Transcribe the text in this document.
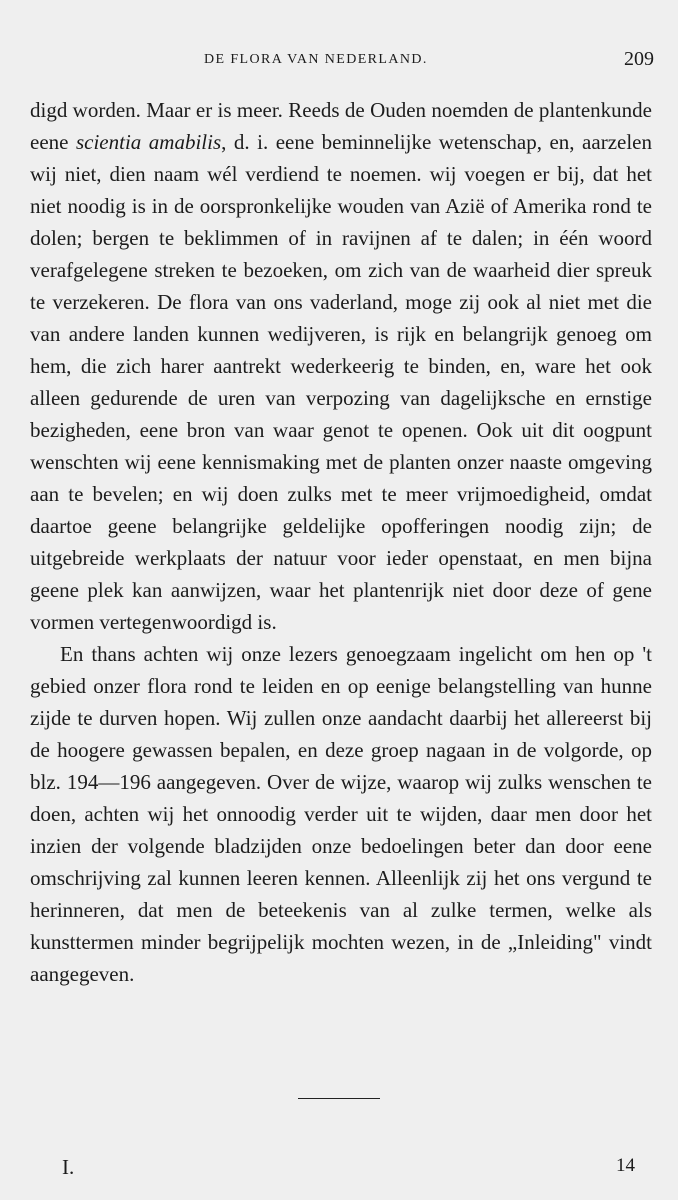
DE FLORA VAN NEDERLAND.	209

digd worden. Maar er is meer. Reeds de Ouden noemden de plantenkunde eene scientia amabilis, d. i. eene beminnelijke wetenschap, en, aarzelen wij niet, dien naam wél verdiend te noemen. wij voegen er bij, dat het niet noodig is in de oorspronkelijke wouden van Azië of Amerika rond te dolen; bergen te beklimmen of in ravijnen af te dalen; in één woord verafgelegene streken te bezoeken, om zich van de waarheid dier spreuk te verzekeren. De flora van ons vaderland, moge zij ook al niet met die van andere landen kunnen wedijveren, is rijk en belangrijk genoeg om hem, die zich harer aantrekt wederkeerig te binden, en, ware het ook alleen gedurende de uren van verpozing van dagelijksche en ernstige bezigheden, eene bron van waar genot te openen. Ook uit dit oogpunt wenschten wij eene kennismaking met de planten onzer naaste omgeving aan te bevelen; en wij doen zulks met te meer vrijmoedigheid, omdat daartoe geene belangrijke geldelijke opofferingen noodig zijn; de uitgebreide werkplaats der natuur voor ieder openstaat, en men bijna geene plek kan aanwijzen, waar het plantenrijk niet door deze of gene vormen vertegenwoordigd is.

En thans achten wij onze lezers genoegzaam ingelicht om hen op 't gebied onzer flora rond te leiden en op eenige belangstelling van hunne zijde te durven hopen. Wij zullen onze aandacht daarbij het allereerst bij de hoogere gewassen bepalen, en deze groep nagaan in de volgorde, op blz. 194—196 aangegeven. Over de wijze, waarop wij zulks wenschen te doen, achten wij het onnoodig verder uit te wijden, daar men door het inzien der volgende bladzijden onze bedoelingen beter dan door eene omschrijving zal kunnen leeren kennen. Alleenlijk zij het ons vergund te herinneren, dat men de beteekenis van al zulke termen, welke als kunsttermen minder begrijpelijk mochten wezen, in de „Inleiding" vindt aangegeven.

I.	14
